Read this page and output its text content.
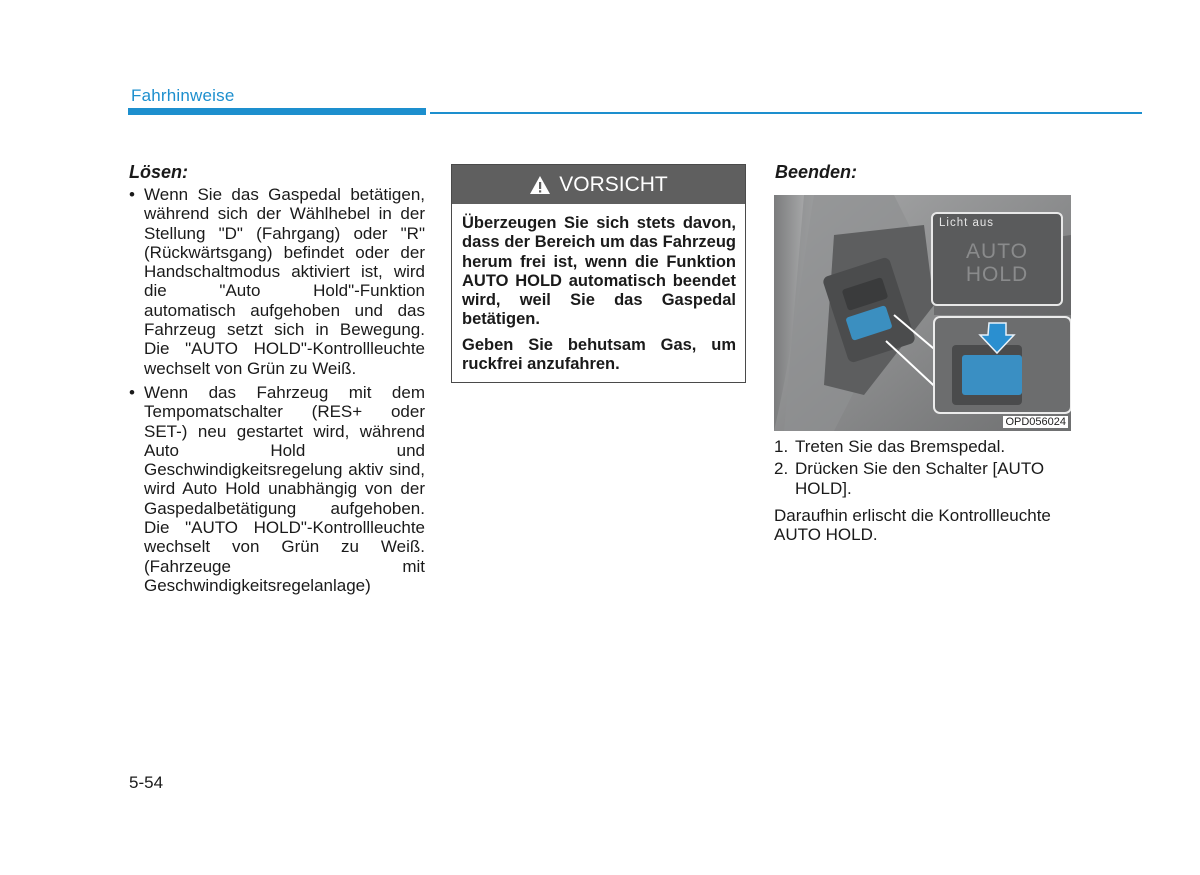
Fahrhinweise
Lösen:
• Wenn Sie das Gaspedal betätigen, während sich der Wählhebel in der Stellung "D" (Fahrgang) oder "R" (Rückwärtsgang) befindet oder der Handschaltmodus aktiviert ist, wird die "Auto Hold"-Funktion automatisch aufgehoben und das Fahrzeug setzt sich in Bewegung. Die "AUTO HOLD"-Kontrollleuchte wechselt von Grün zu Weiß.
• Wenn das Fahrzeug mit dem Tempomatschalter (RES+ oder SET-) neu gestartet wird, während Auto Hold und Geschwindigkeitsregelung aktiv sind, wird Auto Hold unabhängig von der Gaspedalbetätigung aufgehoben. Die "AUTO HOLD"-Kontrollleuchte wechselt von Grün zu Weiß. (Fahrzeuge mit Geschwindigkeitsregelanlage)
VORSICHT

Überzeugen Sie sich stets davon, dass der Bereich um das Fahrzeug herum frei ist, wenn die Funktion AUTO HOLD automatisch beendet wird, weil Sie das Gaspedal betätigen.

Geben Sie behutsam Gas, um ruckfrei anzufahren.

Beenden:
Licht aus
AUTO
HOLD
OPD056024
1. Treten Sie das Bremspedal.
2. Drücken Sie den Schalter [AUTO HOLD].
Daraufhin erlischt die Kontrollleuchte AUTO HOLD.
5-54
